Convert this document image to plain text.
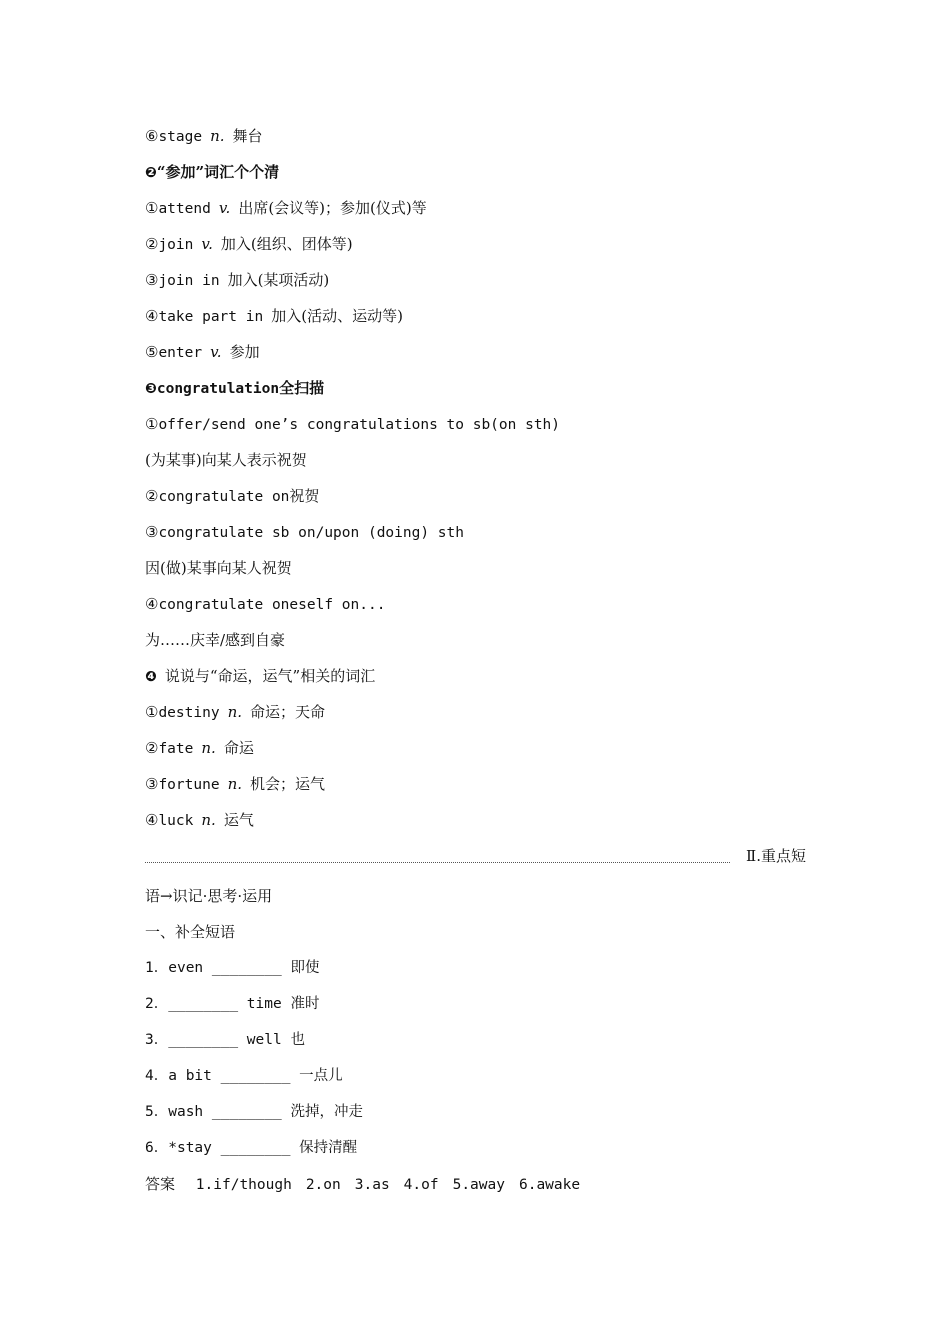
⑥stage n. 舞台
❷“参加”词汇个个清
①attend v. 出席(会议等)；参加(仪式)等
②join v. 加入(组织、团体等)
③join in 加入(某项活动)
④take part in 加入(活动、运动等)
⑤enter v. 参加
❸congratulation全扫描
①offer/send one’s congratulations to sb(on sth)
(为某事)向某人表示祝贺
②congratulate on祝贺
③congratulate sb on/upon (doing) sth
因(做)某事向某人祝贺
④congratulate oneself on...
为……庆幸/感到自豪
❹ 说说与“命运，运气”相关的词汇
①destiny n. 命运；天命
②fate n. 命运
③fortune n. 机会；运气
④luck n. 运气
Ⅱ.重点短
语→识记·思考·运用
一、补全短语
1．even ________ 即使
2．________ time 准时
3．________ well 也
4．a bit ________ 一点儿
5．wash ________ 洗掉，冲走
6．*stay ________ 保持清醒
答案 1.if/though 2.on 3.as 4.of 5.away 6.awake
